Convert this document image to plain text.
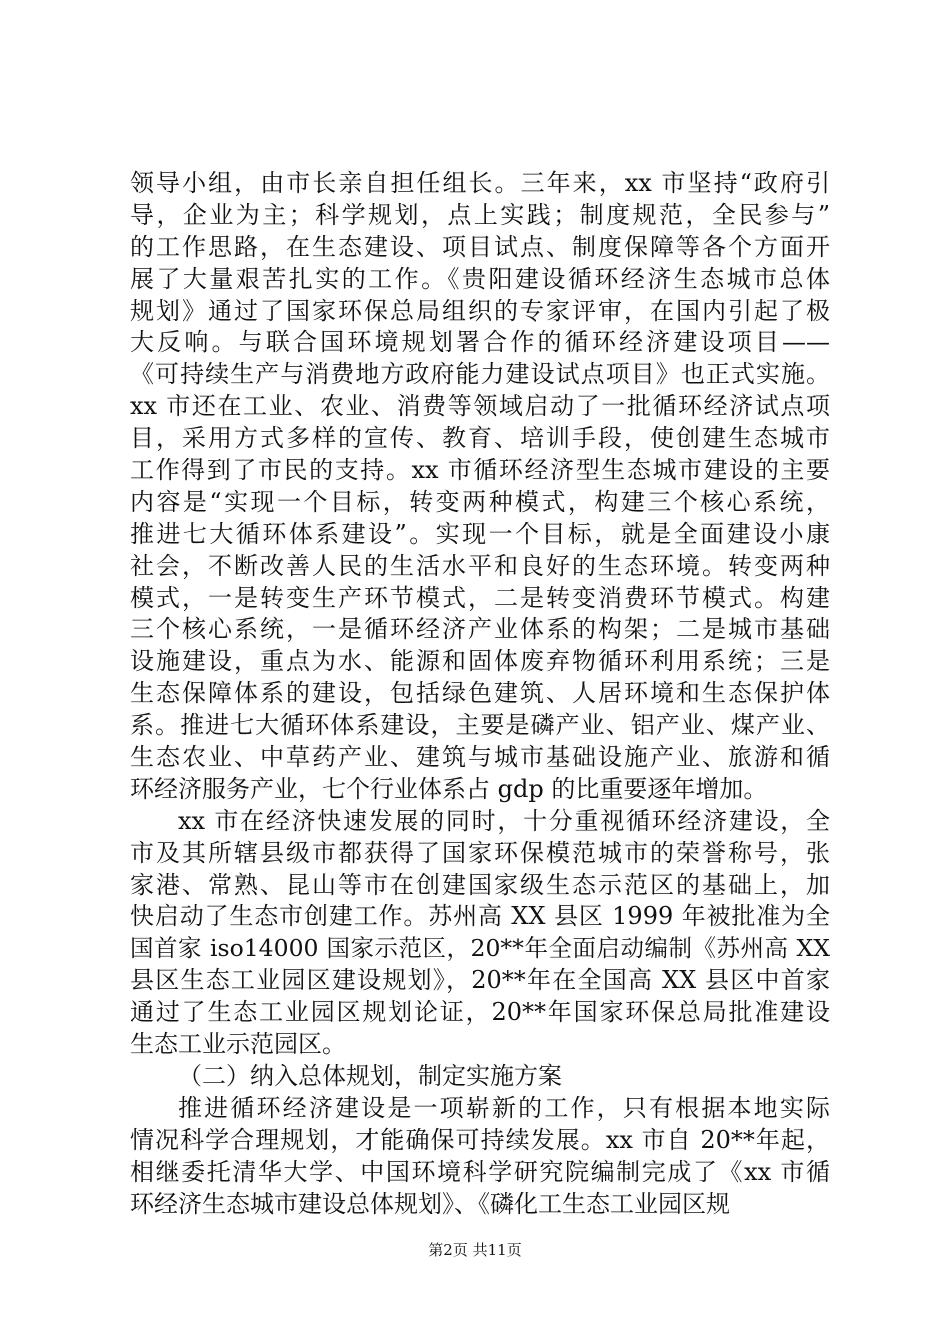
领导小组，由市长亲自担任组长。三年来，xx 市坚持“政府引
导，企业为主；科学规划，点上实践；制度规范，全民参与”
的工作思路，在生态建设、项目试点、制度保障等各个方面开
展了大量艰苦扎实的工作。《贵阳建设循环经济生态城市总体
规划》通过了国家环保总局组织的专家评审，在国内引起了极
大反响。与联合国环境规划署合作的循环经济建设项目——
《可持续生产与消费地方政府能力建设试点项目》也正式实施。
xx 市还在工业、农业、消费等领域启动了一批循环经济试点项
目，采用方式多样的宣传、教育、培训手段，使创建生态城市
工作得到了市民的支持。xx 市循环经济型生态城市建设的主要
内容是“实现一个目标，转变两种模式，构建三个核心系统，
推进七大循环体系建设”。实现一个目标，就是全面建设小康
社会，不断改善人民的生活水平和良好的生态环境。转变两种
模式，一是转变生产环节模式，二是转变消费环节模式。构建
三个核心系统，一是循环经济产业体系的构架；二是城市基础
设施建设，重点为水、能源和固体废弃物循环利用系统；三是
生态保障体系的建设，包括绿色建筑、人居环境和生态保护体
系。推进七大循环体系建设，主要是磷产业、铝产业、煤产业、
生态农业、中草药产业、建筑与城市基础设施产业、旅游和循
环经济服务产业，七个行业体系占 gdp 的比重要逐年增加。
xx 市在经济快速发展的同时，十分重视循环经济建设，全
市及其所辖县级市都获得了国家环保模范城市的荣誉称号，张
家港、常熟、昆山等市在创建国家级生态示范区的基础上，加
快启动了生态市创建工作。苏州高 XX 县区 1999 年被批准为全
国首家 iso14000 国家示范区，20**年全面启动编制《苏州高 XX
县区生态工业园区建设规划》，20**年在全国高 XX 县区中首家
通过了生态工业园区规划论证，20**年国家环保总局批准建设
生态工业示范园区。
（二）纳入总体规划，制定实施方案
推进循环经济建设是一项崭新的工作，只有根据本地实际
情况科学合理规划，才能确保可持续发展。xx 市自 20**年起，
相继委托清华大学、中国环境科学研究院编制完成了《xx 市循
环经济生态城市建设总体规划》、《磷化工生态工业园区规
第2页 共11页
